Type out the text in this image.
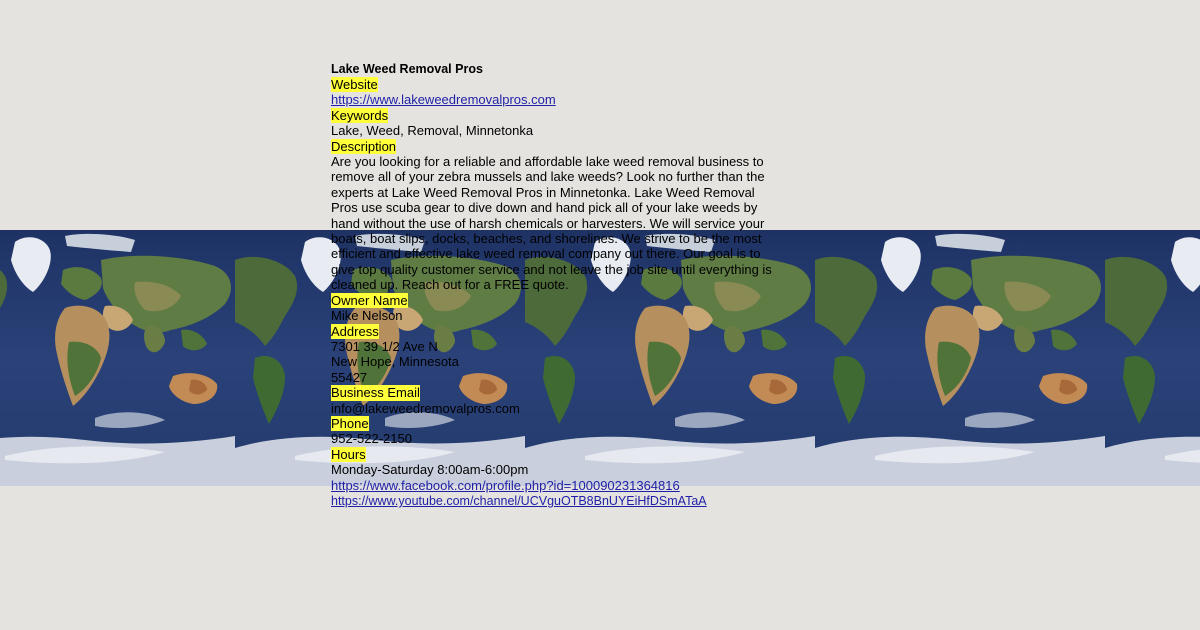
Lake Weed Removal Pros
Website
https://www.lakeweedremovalpros.com
Keywords
Lake, Weed, Removal, Minnetonka
Description
Are you looking for a reliable and affordable lake weed removal business to remove all of your zebra mussels and lake weeds? Look no further than the experts at Lake Weed Removal Pros in Minnetonka. Lake Weed Removal Pros use scuba gear to dive down and hand pick all of your lake weeds by hand without the use of harsh chemicals or harvesters. We will service your boats, boat slips, docks, beaches, and shorelines. We strive to be the most efficient and effective lake weed removal company out there. Our goal is to give top quality customer service and not leave the job site until everything is cleaned up. Reach out for a FREE quote.
Owner Name
Mike Nelson
Address
7301 39 1/2 Ave N
New Hope, Minnesota
55427
Business Email
info@lakeweedremovalpros.com
Phone
952-522-2150
Hours
Monday-Saturday 8:00am-6:00pm
https://www.facebook.com/profile.php?id=100090231364816
https://www.youtube.com/channel/UCVguOTB8BnUYEiHfDSmATaA
